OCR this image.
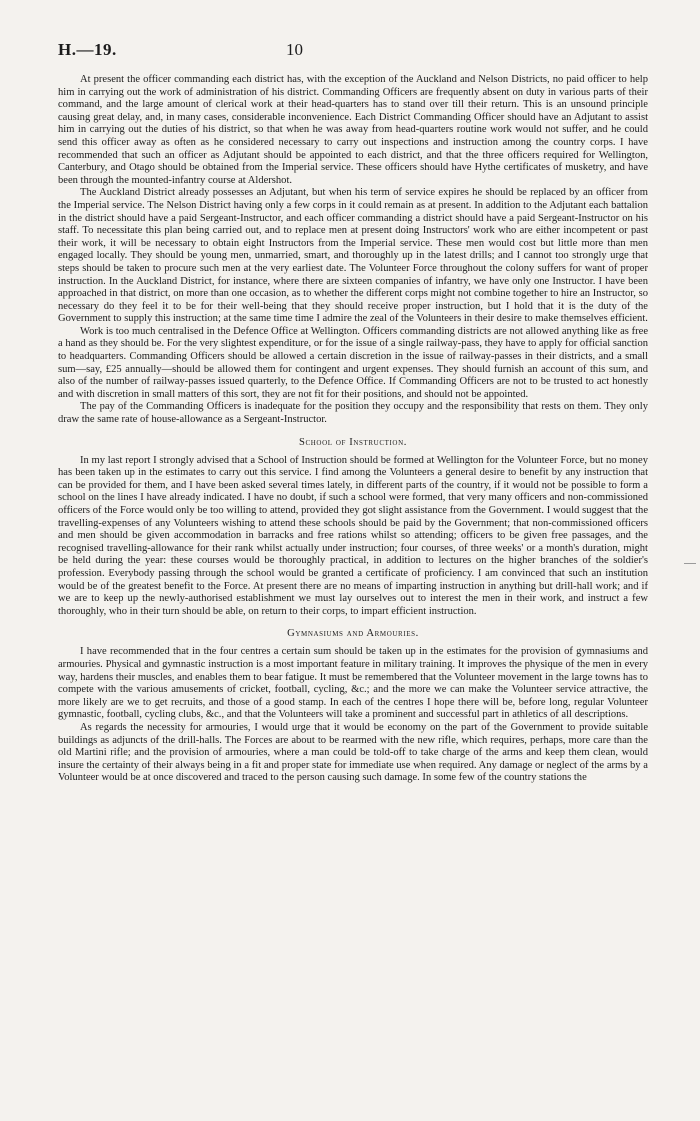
H.—19.	10

At present the officer commanding each district has, with the exception of the Auckland and Nelson Districts, no paid officer to help him in carrying out the work of administration of his district. Commanding Officers are frequently absent on duty in various parts of their command, and the large amount of clerical work at their head-quarters has to stand over till their return. This is an unsound principle causing great delay, and, in many cases, considerable inconvenience. Each District Commanding Officer should have an Adjutant to assist him in carrying out the duties of his district, so that when he was away from head-quarters routine work would not suffer, and he could send this officer away as often as he considered necessary to carry out inspections and instruction among the country corps. I have recommended that such an officer as Adjutant should be appointed to each district, and that the three officers required for Wellington, Canterbury, and Otago should be obtained from the Imperial service. These officers should have Hythe certificates of musketry, and have been through the mounted-infantry course at Aldershot.

The Auckland District already possesses an Adjutant, but when his term of service expires he should be replaced by an officer from the Imperial service. The Nelson District having only a few corps in it could remain as at present. In addition to the Adjutant each battalion in the district should have a paid Sergeant-Instructor, and each officer commanding a district should have a paid Sergeant-Instructor on his staff. To necessitate this plan being carried out, and to replace men at present doing Instructors' work who are either incompetent or past their work, it will be necessary to obtain eight Instructors from the Imperial service. These men would cost but little more than men engaged locally. They should be young men, unmarried, smart, and thoroughly up in the latest drills; and I cannot too strongly urge that steps should be taken to procure such men at the very earliest date. The Volunteer Force throughout the colony suffers for want of proper instruction. In the Auckland District, for instance, where there are sixteen companies of infantry, we have only one Instructor. I have been approached in that district, on more than one occasion, as to whether the different corps might not combine together to hire an Instructor, so necessary do they feel it to be for their well-being that they should receive proper instruction, but I hold that it is the duty of the Government to supply this instruction; at the same time time I admire the zeal of the Volunteers in their desire to make themselves efficient.

Work is too much centralised in the Defence Office at Wellington. Officers commanding districts are not allowed anything like as free a hand as they should be. For the very slightest expenditure, or for the issue of a single railway-pass, they have to apply for official sanction to headquarters. Commanding Officers should be allowed a certain discretion in the issue of railway-passes in their districts, and a small sum—say, £25 annually—should be allowed them for contingent and urgent expenses. They should furnish an account of this sum, and also of the number of railway-passes issued quarterly, to the Defence Office. If Commanding Officers are not to be trusted to act honestly and with discretion in small matters of this sort, they are not fit for their positions, and should not be appointed.

The pay of the Commanding Officers is inadequate for the position they occupy and the responsibility that rests on them. They only draw the same rate of house-allowance as a Sergeant-Instructor.

School of Instruction.

In my last report I strongly advised that a School of Instruction should be formed at Wellington for the Volunteer Force, but no money has been taken up in the estimates to carry out this service. I find among the Volunteers a general desire to benefit by any instruction that can be provided for them, and I have been asked several times lately, in different parts of the country, if it would not be possible to form a school on the lines I have already indicated. I have no doubt, if such a school were formed, that very many officers and non-commissioned officers of the Force would only be too willing to attend, provided they got slight assistance from the Government. I would suggest that the travelling-expenses of any Volunteers wishing to attend these schools should be paid by the Government; that non-commissioned officers and men should be given accommodation in barracks and free rations whilst so attending; officers to be given free passages, and the recognised travelling-allowance for their rank whilst actually under instruction; four courses, of three weeks' or a month's duration, might be held during the year: these courses would be thoroughly practical, in addition to lectures on the higher branches of the soldier's profession. Everybody passing through the school would be granted a certificate of proficiency. I am convinced that such an institution would be of the greatest benefit to the Force. At present there are no means of imparting instruction in anything but drill-hall work; and if we are to keep up the newly-authorised establishment we must lay ourselves out to interest the men in their work, and instruct a few thoroughly, who in their turn should be able, on return to their corps, to impart efficient instruction.

Gymnasiums and Armouries.

I have recommended that in the four centres a certain sum should be taken up in the estimates for the provision of gymnasiums and armouries. Physical and gymnastic instruction is a most important feature in military training. It improves the physique of the men in every way, hardens their muscles, and enables them to bear fatigue. It must be remembered that the Volunteer movement in the large towns has to compete with the various amusements of cricket, football, cycling, &c.; and the more we can make the Volunteer service attractive, the more likely are we to get recruits, and those of a good stamp. In each of the centres I hope there will be, before long, regular Volunteer gymnastic, football, cycling clubs, &c., and that the Volunteers will take a prominent and successful part in athletics of all descriptions.

As regards the necessity for armouries, I would urge that it would be economy on the part of the Government to provide suitable buildings as adjuncts of the drill-halls. The Forces are about to be rearmed with the new rifle, which requires, perhaps, more care than the old Martini rifle; and the provision of armouries, where a man could be told-off to take charge of the arms and keep them clean, would insure the certainty of their always being in a fit and proper state for immediate use when required. Any damage or neglect of the arms by a Volunteer would be at once discovered and traced to the person causing such damage. In some few of the country stations the
